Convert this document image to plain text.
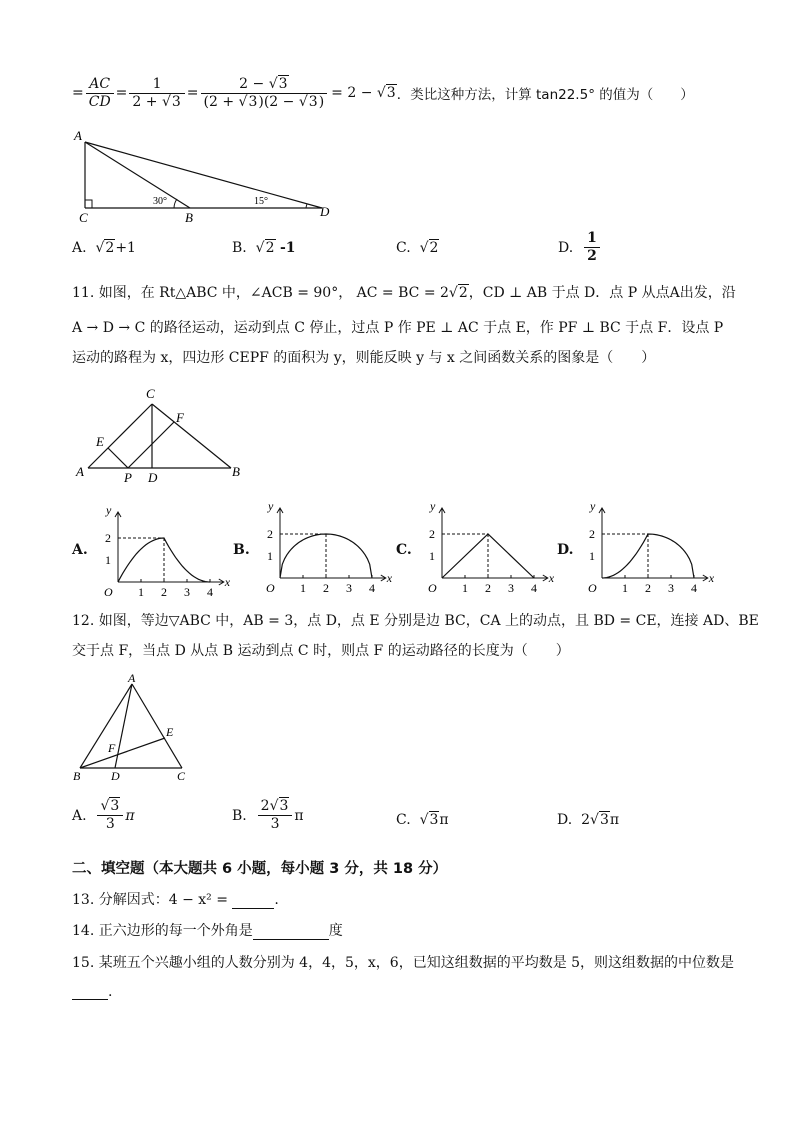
= $\frac{AC}{CD} = \frac{1}{2 + √3} = \frac{2 - √3}{(2 + √3)(2 - √3)} = 2 - √3$ ．类比这种方法，计算 tan22.5° 的值为（　　）
A
C	B	D
30°	15°
A.  √2+1	B.  √2 -1	C.  √2	D.
$\frac{1}{2}$
11. 如图，在 Rt△ABC 中，∠ACB = 90°， AC = BC = 2√2，CD ⊥ AB 于点 D．点 P 从点A出发，沿
A → D → C 的路径运动，运动到点 C 停止，过点 P 作 PE ⊥ AC 于点 E，作 PF ⊥ BC 于点 F．设点 P
运动的路程为 x，四边形 CEPF 的面积为 y，则能反映 y 与 x 之间函数关系的图象是（　　）
C
E
F
A	P D	B
A.	B.	C.	D.
y
x
O 1 2 3 4
1
2
y
x
O 1 2 3 4
1
2
y
x
O 1 2 3 4
1
2
y
x
O 1 2 3 4
1
2
12. 如图，等边▽ABC 中，AB = 3，点 D，点 E 分别是边 BC，CA 上的动点，且 BD = CE，连接 AD、BE
交于点 F，当点 D 从点 B 运动到点 C 时，则点 F 的运动路径的长度为（　　）
A
E
F
B	D	C
A.
$\frac{√3}{3}$ π	B.
$\frac{2√3}{3}$ π	C.  √3π	D. 2√3π
二、填空题（本大题共 6 小题，每小题 3 分，共 18 分）
13. 分解因式：4 − x² =	.
14. 正六边形的每一个外角是	度
15. 某班五个兴趣小组的人数分别为 4，4，5，x，6，已知这组数据的平均数是 5，则这组数据的中位数是
.
